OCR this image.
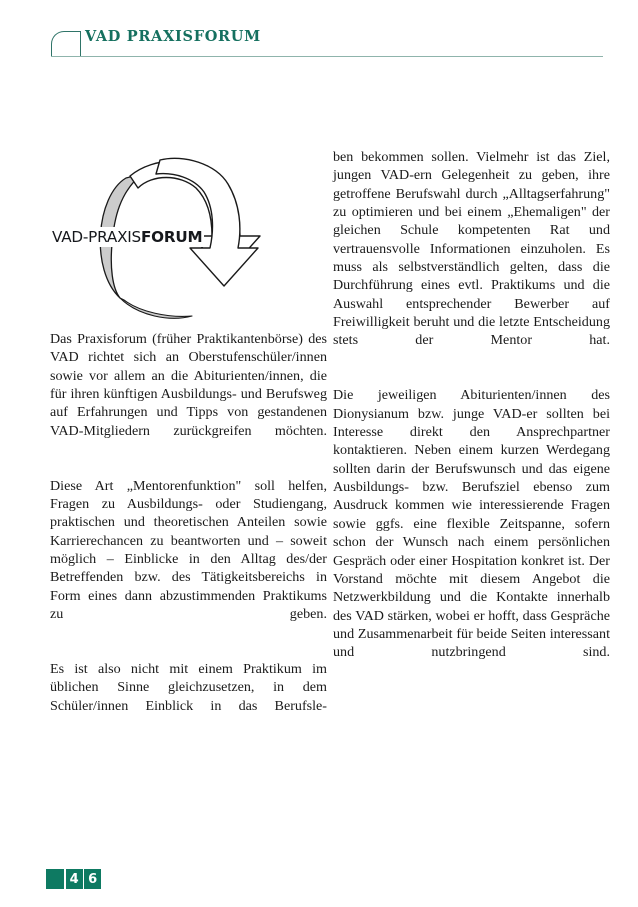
VAD PRAXISFORUM
VAD-PRAXISFORUM

Das Praxisforum (früher Praktikantenbörse) des VAD richtet sich an Oberstufenschüler/innen sowie vor allem an die Abiturienten/innen, die für ihren künftigen Ausbildungs- und Berufsweg auf Erfahrungen und Tipps von gestandenen VAD-Mitgliedern zurückgreifen möchten.

Diese Art „Mentorenfunktion" soll helfen, Fragen zu Ausbildungs- oder Studiengang, praktischen und theoretischen Anteilen sowie Karrierechancen zu beantworten und – soweit möglich – Einblicke in den Alltag des/der Betreffenden bzw. des Tätigkeitsbereichs in Form eines dann abzustimmenden Praktikums zu geben.

Es ist also nicht mit einem Praktikum im üblichen Sinne gleichzusetzen, in dem Schüler/innen Einblick in das Berufsle-

ben bekommen sollen. Vielmehr ist das Ziel, jungen VAD-ern Gelegenheit zu geben, ihre getroffene Berufswahl durch „Alltagserfahrung" zu optimieren und bei einem „Ehemaligen" der gleichen Schule kompetenten Rat und vertrauensvolle Informationen einzuholen. Es muss als selbstverständlich gelten, dass die Durchführung eines evtl. Praktikums und die Auswahl entsprechender Bewerber auf Freiwilligkeit beruht und die letzte Entscheidung stets der Mentor hat.

Die jeweiligen Abiturienten/innen des Dionysianum bzw. junge VAD-er sollten bei Interesse direkt den Ansprechpartner kontaktieren. Neben einem kurzen Werdegang sollten darin der Berufswunsch und das eigene Ausbildungs- bzw. Berufsziel ebenso zum Ausdruck kommen wie interessierende Fragen sowie ggfs. eine flexible Zeitspanne, sofern schon der Wunsch nach einem persönlichen Gespräch oder einer Hospitation konkret ist. Der Vorstand möchte mit diesem Angebot die Netzwerkbildung und die Kontakte innerhalb des VAD stärken, wobei er hofft, dass Gespräche und Zusammenarbeit für beide Seiten interessant und nutzbringend sind.

4 6
